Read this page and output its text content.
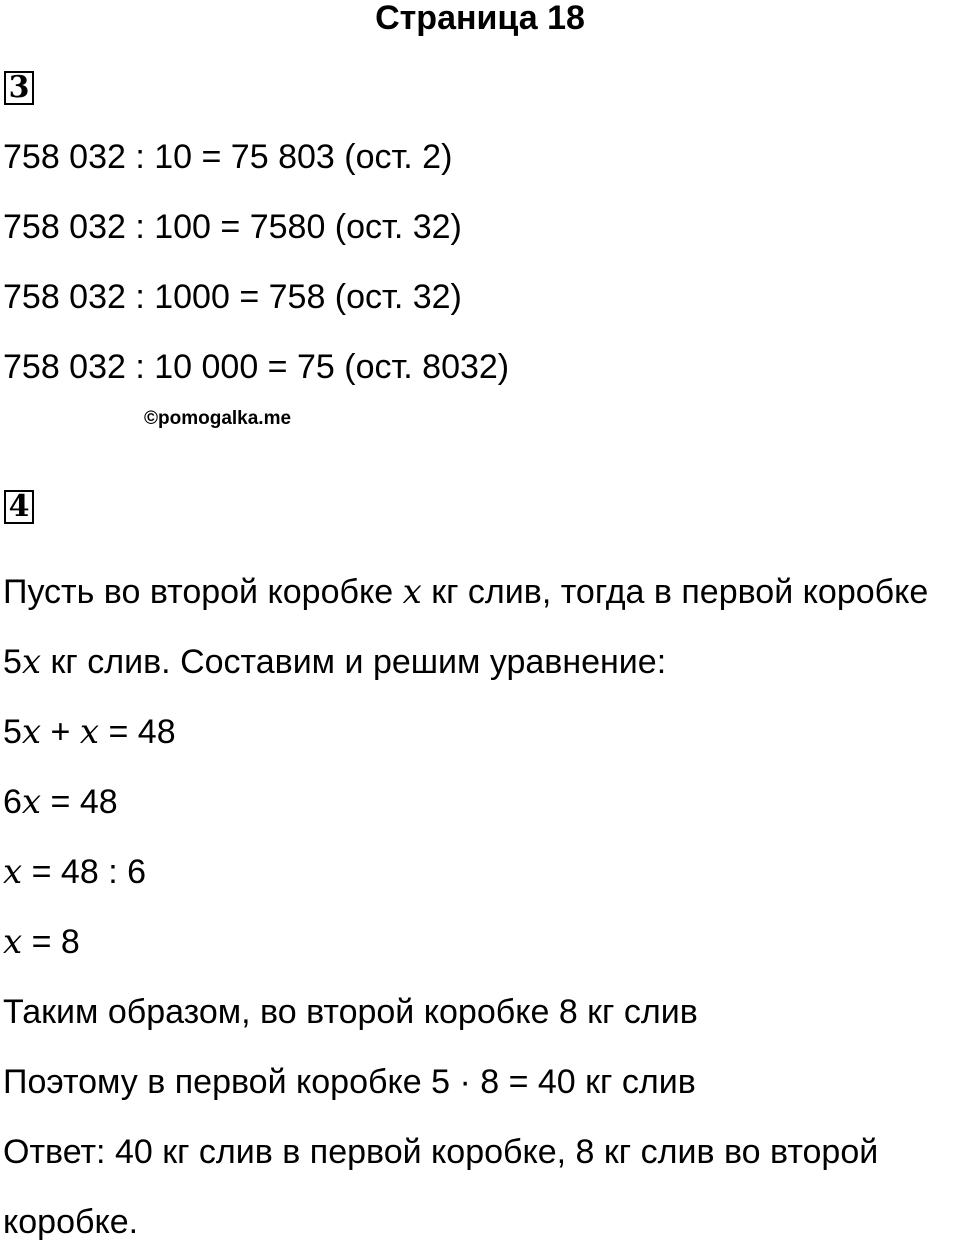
Страница 18
3
758 032 : 10 = 75 803 (ост. 2)
758 032 : 100 = 7580 (ост. 32)
758 032 : 1000 = 758 (ост. 32)
758 032 : 10 000 = 75 (ост. 8032)
©pomogalka.me
4
Пусть во второй коробке x кг слив, тогда в первой коробке
5x кг слив. Составим и решим уравнение:
5x + x = 48
6x = 48
x = 48 : 6
x = 8
Таким образом, во второй коробке 8 кг слив
Поэтому в первой коробке 5 · 8 = 40 кг слив
Ответ: 40 кг слив в первой коробке, 8 кг слив во второй
коробке.
